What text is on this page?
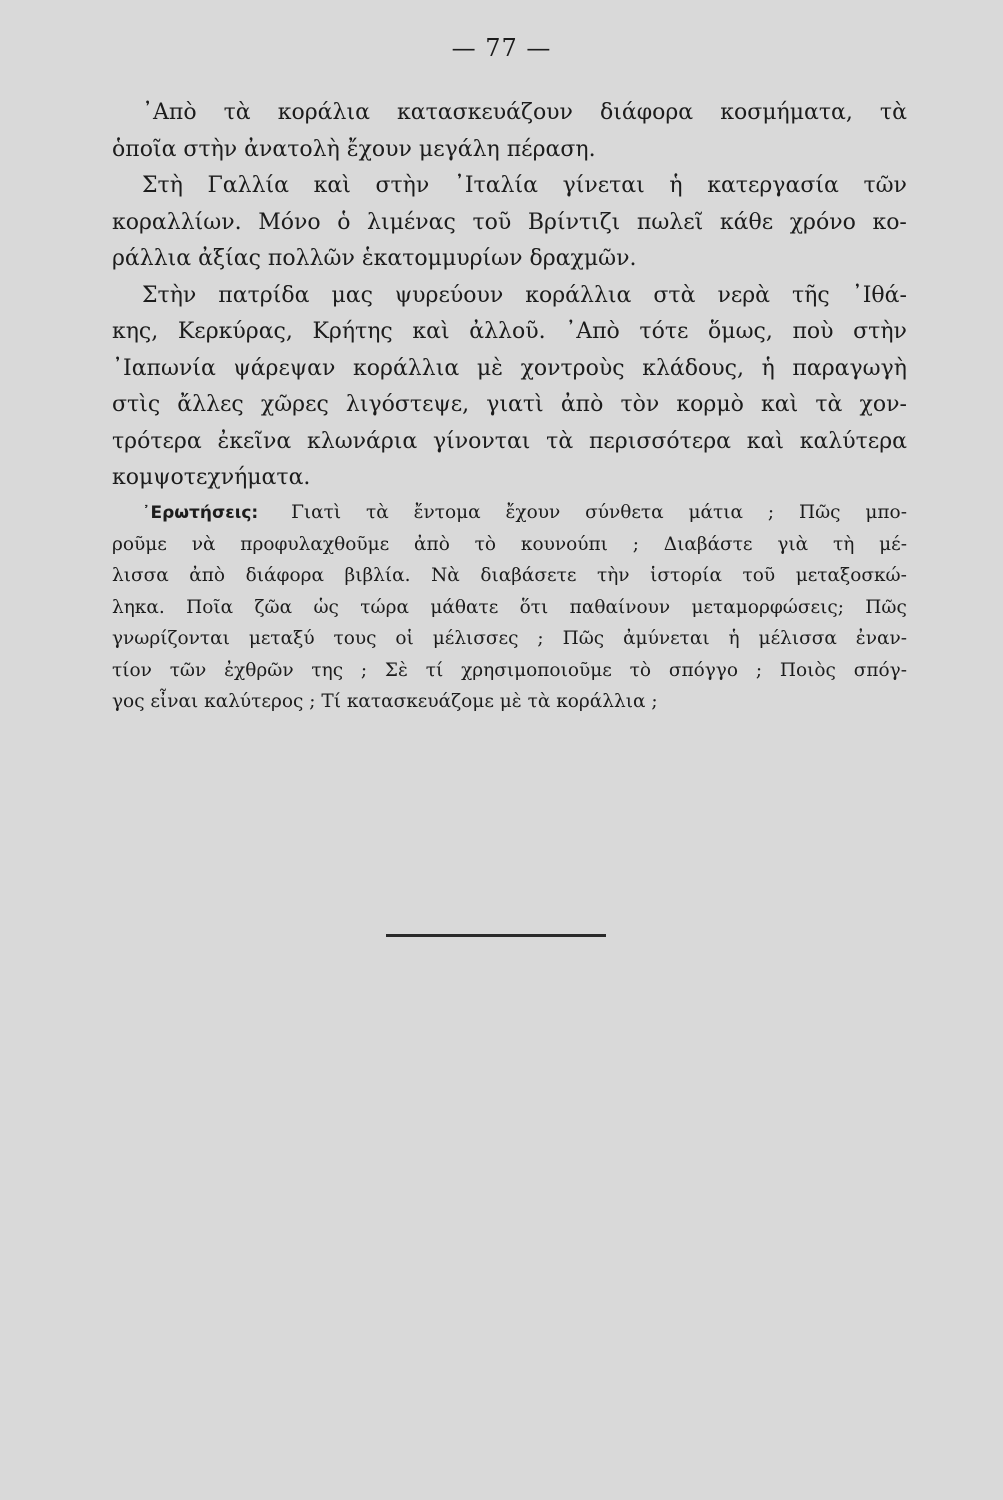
— 77 —
᾿Απὸ τὰ κοράλια κατασκευάζουν διάφορα κοσμήματα, τὰ
ὁποῖα στὴν ἀνατολὴ ἔχουν μεγάλη πέραση.
Στὴ Γαλλία καὶ στὴν ᾿Ιταλία γίνεται ἡ κατεργασία τῶν
κοραλλίων. Μόνο ὁ λιμένας τοῦ Βρίντιζι πωλεῖ κάθε χρόνο κο-
ράλλια ἀξίας πολλῶν ἑκατομμυρίων δραχμῶν.
Στὴν πατρίδα μας ψυρεύουν κοράλλια στὰ νερὰ τῆς ᾿Ιθά-
κης, Κερκύρας, Κρήτης καὶ ἀλλοῦ. ᾿Απὸ τότε ὅμως, ποὺ στὴν
᾿Ιαπωνία ψάρεψαν κοράλλια μὲ χοντροὺς κλάδους, ἡ παραγωγὴ
στὶς ἄλλες χῶρες λιγόστεψε, γιατὶ ἀπὸ τὸν κορμὸ καὶ τὰ χον-
τρότερα ἐκεῖνα κλωνάρια γίνονται τὰ περισσότερα καὶ καλύτερα
κομψοτεχνήματα.
᾿Ερωτήσεις: Γιατὶ τὰ ἔντομα ἔχουν σύνθετα μάτια ; Πῶς μπο-
ροῦμε νὰ προφυλαχθοῦμε ἀπὸ τὸ κουνούπι ; Διαβάστε γιὰ τὴ μέ-
λισσα ἀπὸ διάφορα βιβλία. Νὰ διαβάσετε τὴν ἱστορία τοῦ μεταξοσκώ-
ληκα. Ποῖα ζῶα ὡς τώρα μάθατε ὅτι παθαίνουν μεταμορφώσεις; Πῶς
γνωρίζονται μεταξύ τους οἱ μέλισσες ; Πῶς ἀμύνεται ἡ μέλισσα ἐναν-
τίον τῶν ἐχθρῶν της ; Σὲ τί χρησιμοποιοῦμε τὸ σπόγγο ; Ποιὸς σπόγ-
γος εἶναι καλύτερος ; Τί κατασκευάζομε μὲ τὰ κοράλλια ;
